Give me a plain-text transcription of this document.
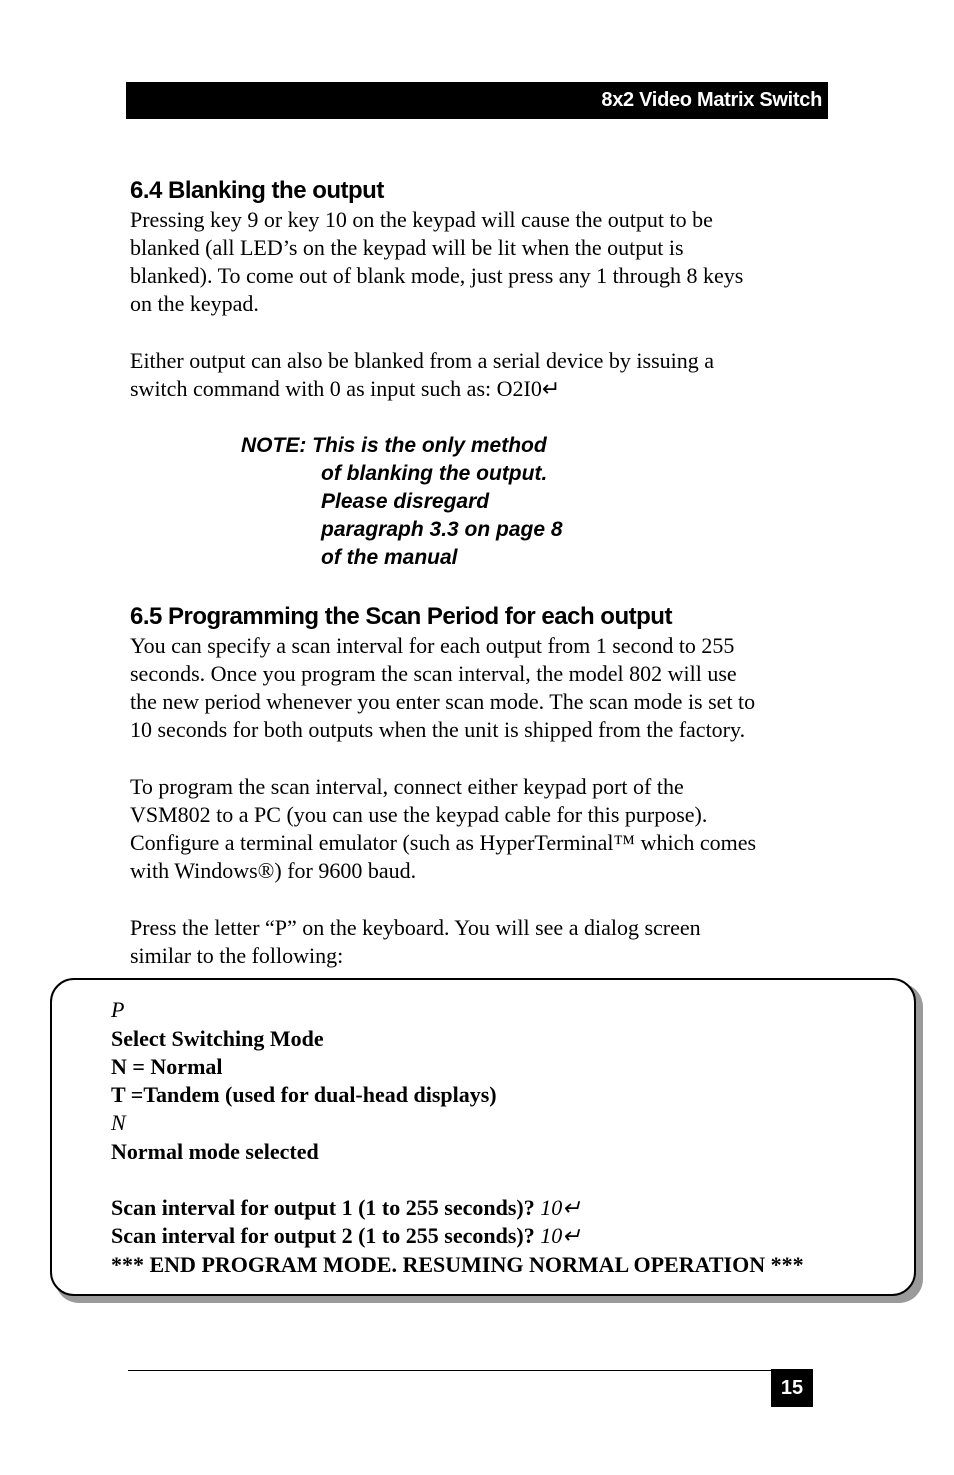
8x2 Video Matrix Switch
6.4 Blanking the output

Pressing key 9 or key 10 on the keypad will cause the output to be
blanked (all LED’s on the keypad will be lit when the output is
blanked). To come out of blank mode, just press any 1 through 8 keys
on the keypad.

Either output can also be blanked from a serial device by issuing a
switch command with 0 as input such as: O2I0↵

NOTE: This is the only method
of blanking the output.
Please disregard
paragraph 3.3 on page 8
of the manual
6.5 Programming the Scan Period for each output

You can specify a scan interval for each output from 1 second to 255
seconds. Once you program the scan interval, the model 802 will use
the new period whenever you enter scan mode. The scan mode is set to
10 seconds for both outputs when the unit is shipped from the factory.

To program the scan interval, connect either keypad port of the
VSM802 to a PC (you can use the keypad cable for this purpose).
Configure a terminal emulator (such as HyperTerminal™ which comes
with Windows®) for 9600 baud.

Press the letter “P” on the keyboard. You will see a dialog screen
similar to the following:

P
Select Switching Mode
N = Normal
T =Tandem (used for dual-head displays)
N
Normal mode selected
Scan interval for output 1 (1 to 255 seconds)? 10↵
Scan interval for output 2 (1 to 255 seconds)? 10↵
*** END PROGRAM MODE. RESUMING NORMAL OPERATION ***
15
